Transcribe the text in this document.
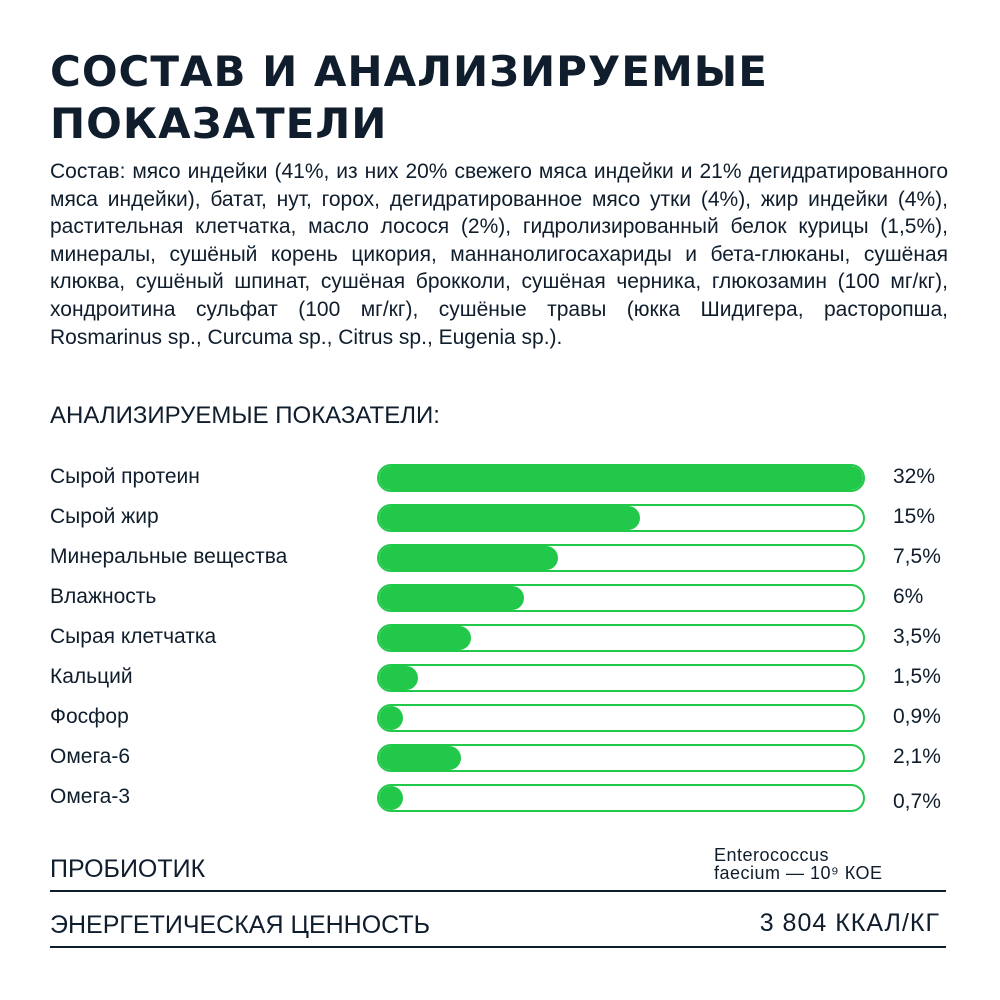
СОСТАВ И АНАЛИЗИРУЕМЫЕ
ПОКАЗАТЕЛИ

Состав: мясо индейки (41%, из них 20% свежего мяса индейки и 21% дегидратированного мяса индейки), батат, нут, горох, дегидратированное мясо утки (4%), жир индейки (4%), растительная клетчатка, масло лосося (2%), гидролизированный белок курицы (1,5%), минералы, сушёный корень цикория, маннанолигосахариды и бета-глюканы, сушёная клюква, сушёный шпинат, сушёная брокколи, сушёная черника, глюкозамин (100 мг/кг), хондроитина сульфат (100 мг/кг), сушёные травы (юкка Шидигера, расторопша, Rosmarinus sp., Curcuma sp., Citrus sp., Eugenia sp.).

АНАЛИЗИРУЕМЫЕ ПОКАЗАТЕЛИ:
Сырой протеин	32%
Сырой жир	15%
Минеральные вещества	7,5%
Влажность	6%
Сырая клетчатка	3,5%
Кальций	1,5%
Фосфор	0,9%
Омега-6	2,1%
Омега-3	0,7%
ПРОБИОТИК	Enterococcus
faecium — 10⁹ КОЕ
ЭНЕРГЕТИЧЕСКАЯ ЦЕННОСТЬ	3 804 ККАЛ/КГ
